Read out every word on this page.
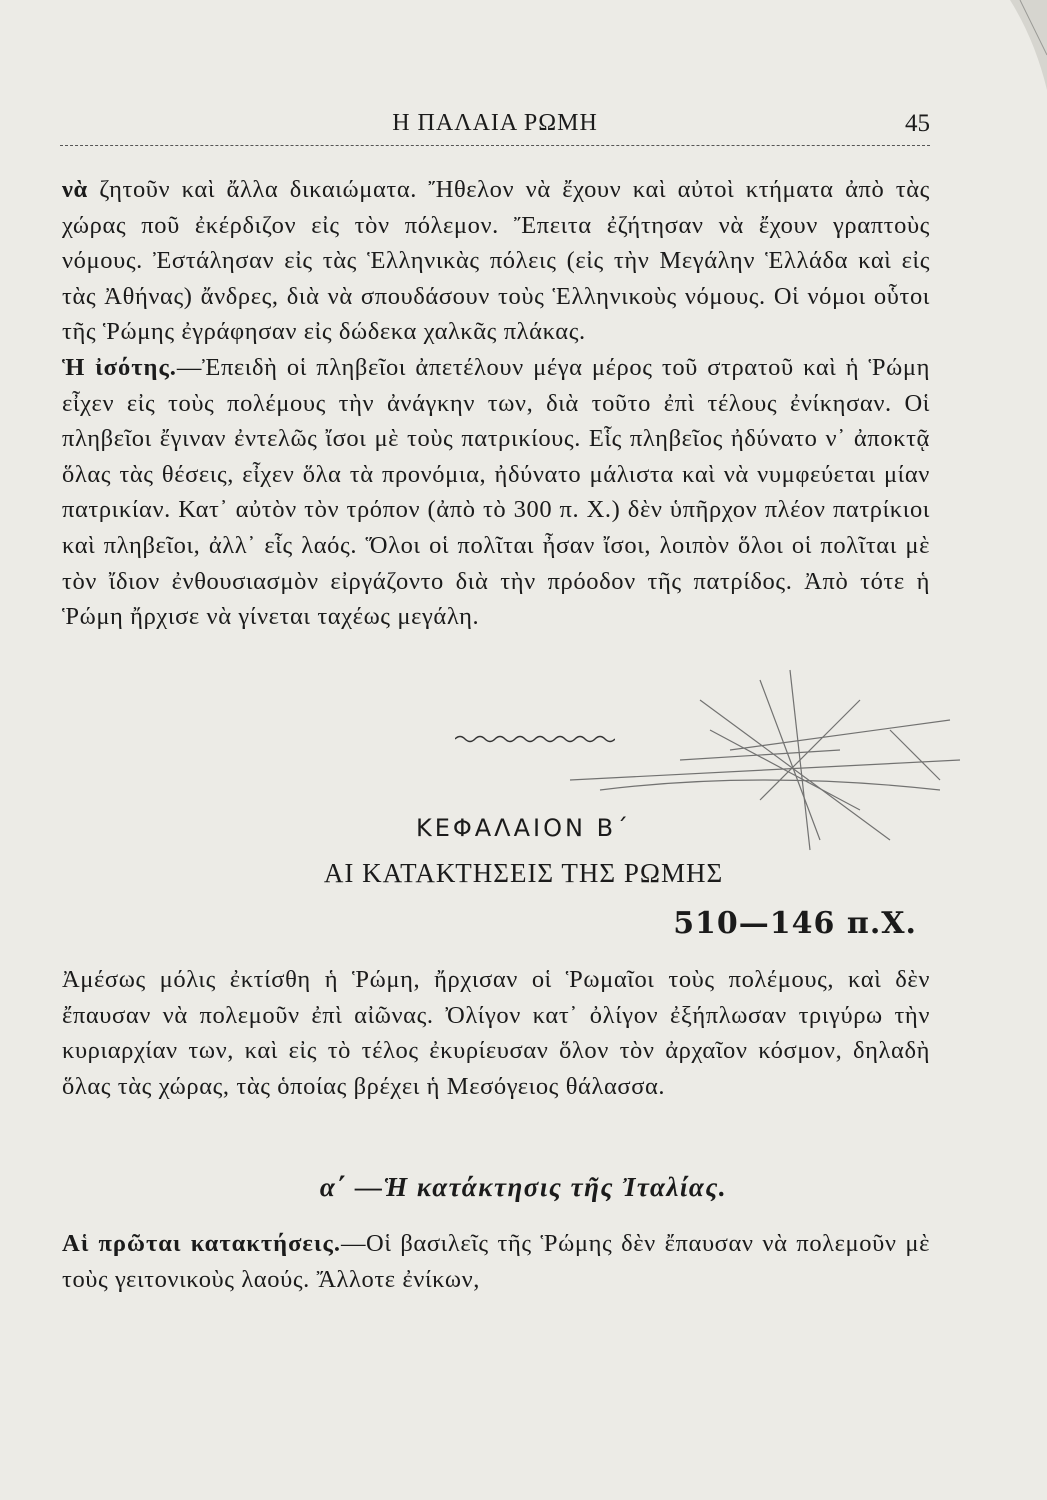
Η ΠΑΛΑΙΑ ΡΩΜΗ	45

νὰ ζητοῦν καὶ ἄλλα δικαιώματα. Ἤθελον νὰ ἔχουν καὶ αὐτοὶ κτήματα ἀπὸ τὰς χώρας ποῦ ἐκέρδιζον εἰς τὸν πόλεμον. Ἔπειτα ἐζήτησαν νὰ ἔχουν γραπτοὺς νόμους. Ἐστάλησαν εἰς τὰς Ἑλληνικὰς πόλεις (εἰς τὴν Μεγάλην Ἑλλάδα καὶ εἰς τὰς Ἀθήνας) ἄνδρες, διὰ νὰ σπουδάσουν τοὺς Ἑλληνικοὺς νόμους. Οἱ νόμοι οὗτοι τῆς Ῥώμης ἐγράφησαν εἰς δώδεκα χαλκᾶς πλάκας.
Ἡ ἰσότης.—Ἐπειδὴ οἱ πληβεῖοι ἀπετέλουν μέγα μέρος τοῦ στρατοῦ καὶ ἡ Ῥώμη εἶχεν εἰς τοὺς πολέμους τὴν ἀνάγκην των, διὰ τοῦτο ἐπὶ τέλους ἐνίκησαν. Οἱ πληβεῖοι ἔγιναν ἐντελῶς ἴσοι μὲ τοὺς πατρικίους. Εἷς πληβεῖος ἠδύνατο ν᾿ ἀποκτᾷ ὅλας τὰς θέσεις, εἶχεν ὅλα τὰ προνόμια, ἠδύνατο μάλιστα καὶ νὰ νυμφεύεται μίαν πατρικίαν. Κατ᾿ αὐτὸν τὸν τρόπον (ἀπὸ τὸ 300 π. Χ.) δὲν ὑπῆρχον πλέον πατρίκιοι καὶ πληβεῖοι, ἀλλ᾿ εἷς λαός. Ὅλοι οἱ πολῖται ἦσαν ἴσοι, λοιπὸν ὅλοι οἱ πολῖται μὲ τὸν ἴδιον ἐνθουσιασμὸν εἰργάζοντο διὰ τὴν πρόοδον τῆς πατρίδος. Ἀπὸ τότε ἡ Ῥώμη ἤρχισε νὰ γίνεται ταχέως μεγάλη.

ΚΕΦΑΛΑΙΟΝ Β΄
ΑΙ ΚΑΤΑΚΤΗΣΕΙΣ ΤΗΣ ΡΩΜΗΣ
510—146 π.Χ.

Ἀμέσως μόλις ἐκτίσθη ἡ Ῥώμη, ἤρχισαν οἱ Ῥωμαῖοι τοὺς πολέμους, καὶ δὲν ἔπαυσαν νὰ πολεμοῦν ἐπὶ αἰῶνας. Ὀλίγον κατ᾿ ὀλίγον ἐξήπλωσαν τριγύρω τὴν κυριαρχίαν των, καὶ εἰς τὸ τέλος ἐκυρίευσαν ὅλον τὸν ἀρχαῖον κόσμον, δηλαδὴ ὅλας τὰς χώρας, τὰς ὁποίας βρέχει ἡ Μεσόγειος θάλασσα.

α΄ —Ἡ κατάκτησις τῆς Ἰταλίας.

Αἱ πρῶται κατακτήσεις.—Οἱ βασιλεῖς τῆς Ῥώμης δὲν ἔπαυσαν νὰ πολεμοῦν μὲ τοὺς γειτονικοὺς λαούς. Ἄλλοτε ἐνίκων,
